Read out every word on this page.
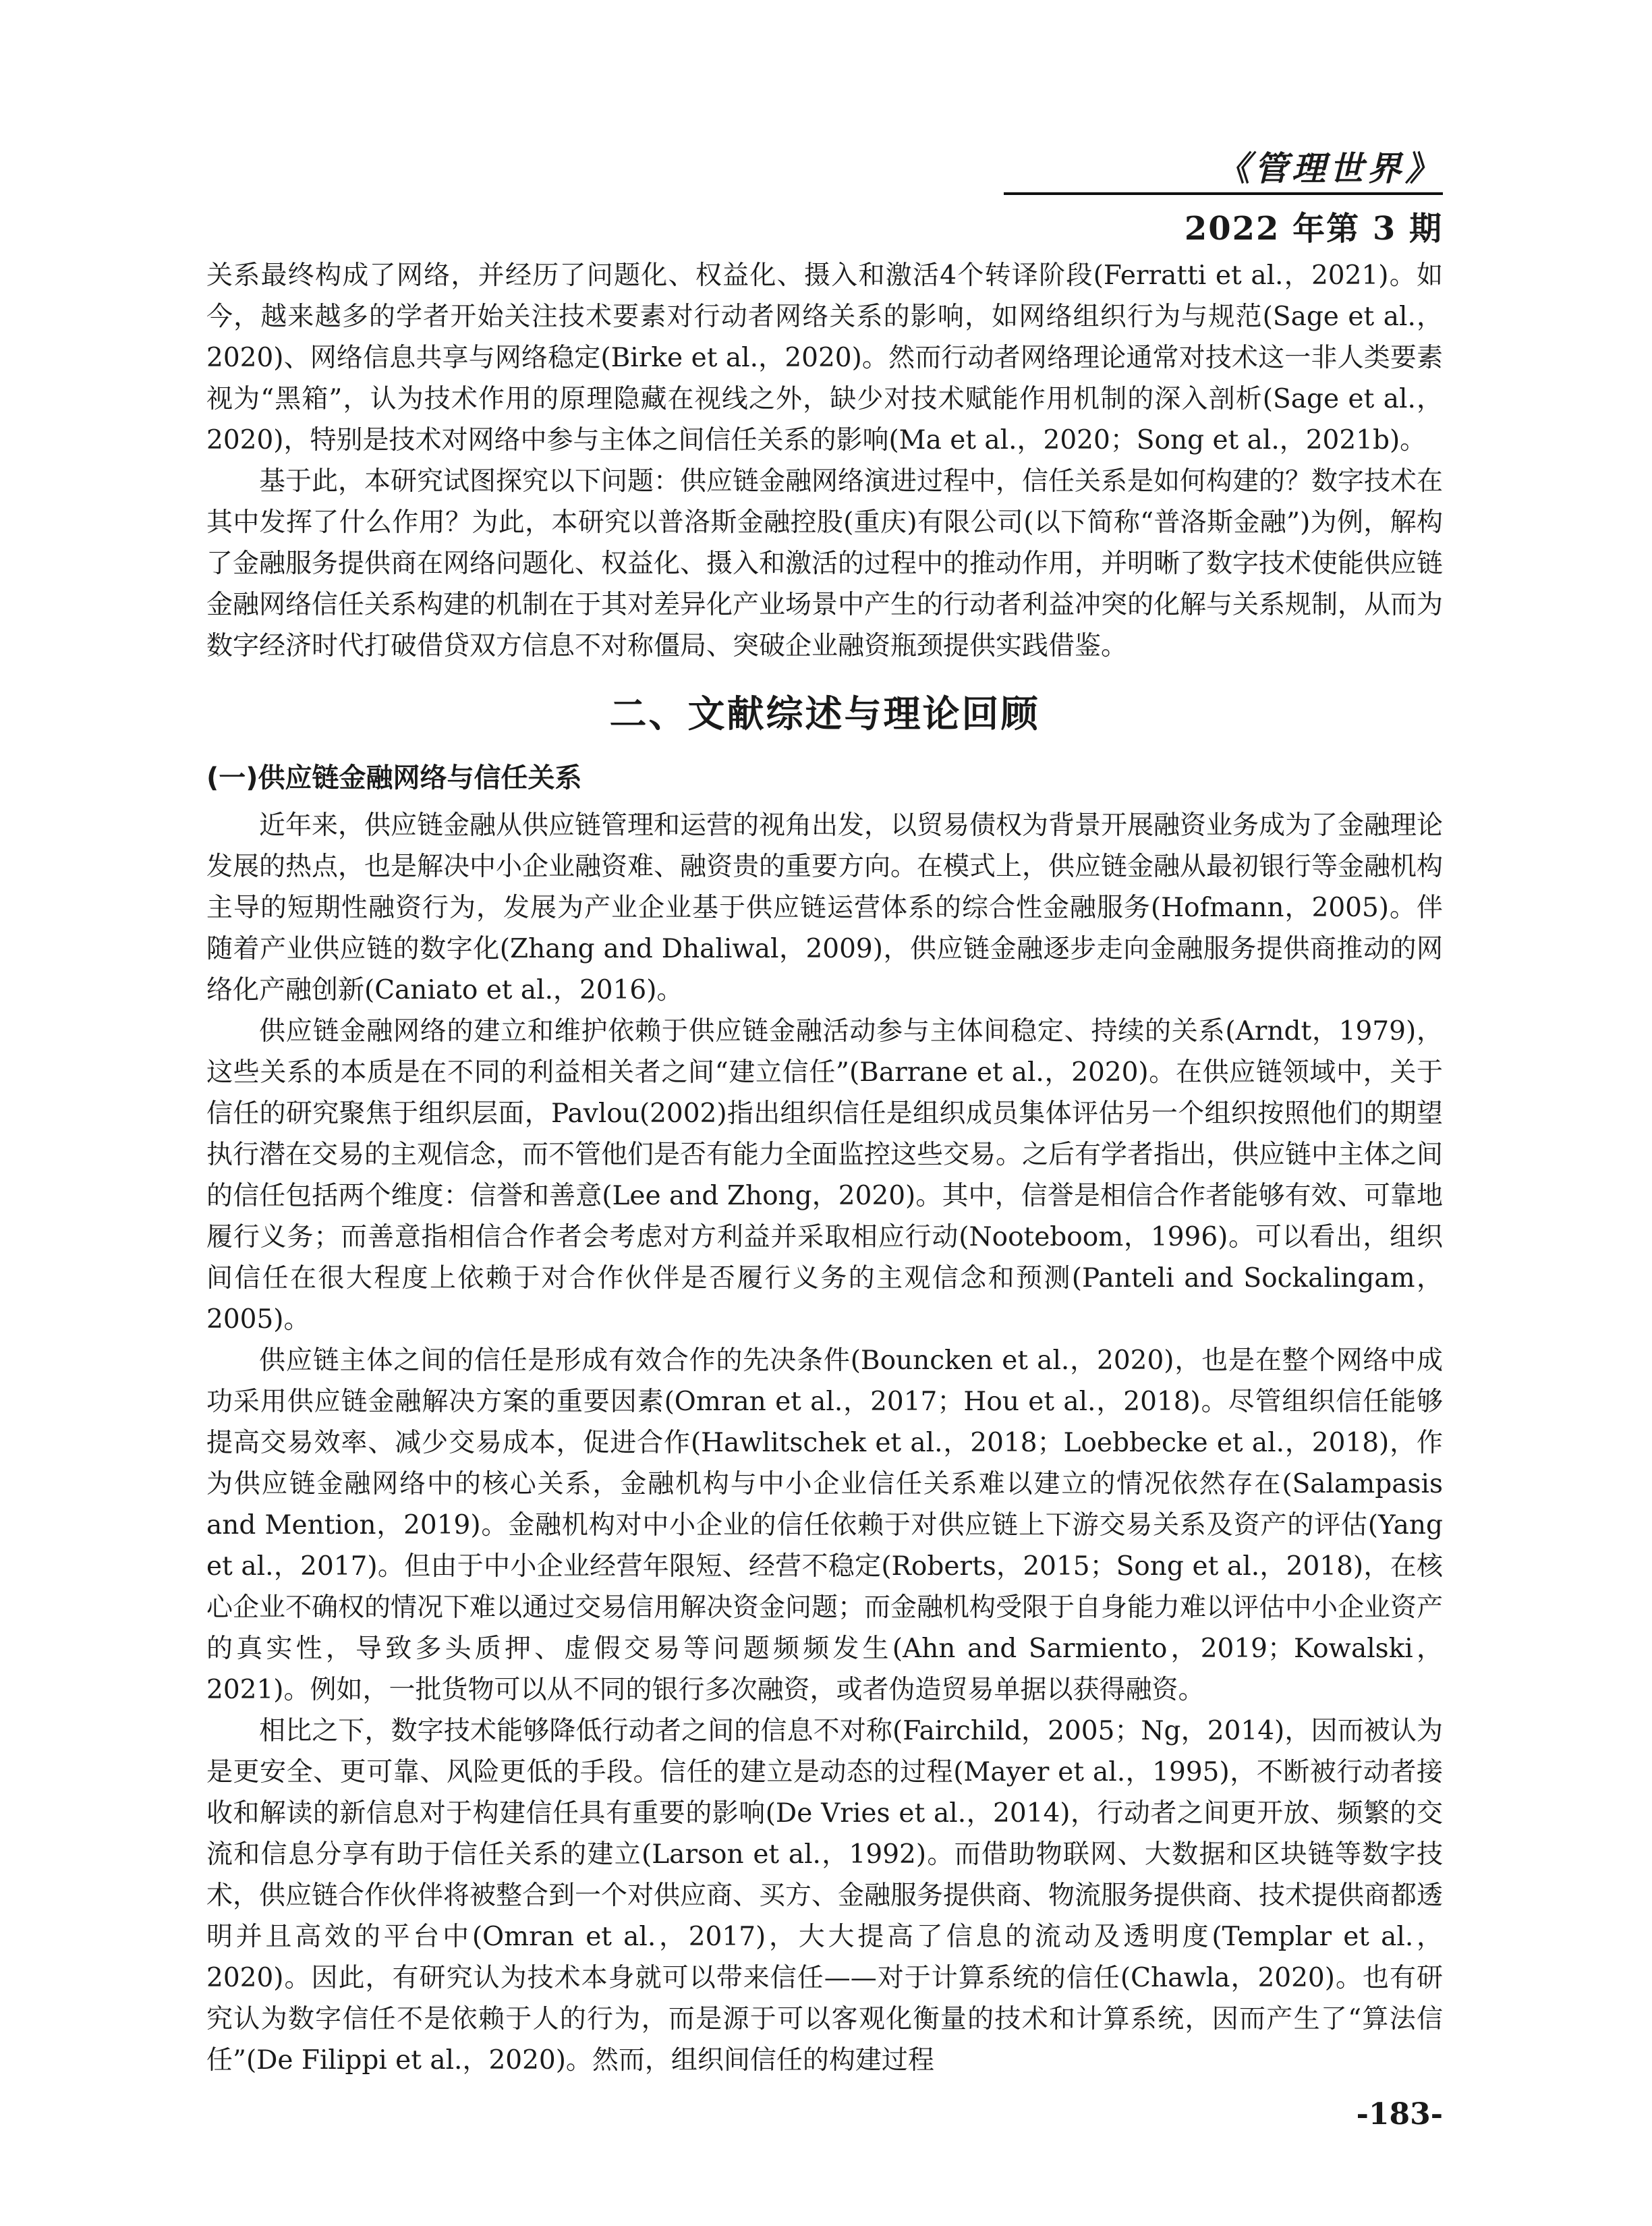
《管理世界》
2022 年第 3 期

关系最终构成了网络，并经历了问题化、权益化、摄入和激活4个转译阶段(Ferratti et al.，2021)。如今，越来越多的学者开始关注技术要素对行动者网络关系的影响，如网络组织行为与规范(Sage et al.，2020)、网络信息共享与网络稳定(Birke et al.，2020)。然而行动者网络理论通常对技术这一非人类要素视为“黑箱”，认为技术作用的原理隐藏在视线之外，缺少对技术赋能作用机制的深入剖析(Sage et al.，2020)，特别是技术对网络中参与主体之间信任关系的影响(Ma et al.，2020；Song et al.，2021b)。

基于此，本研究试图探究以下问题：供应链金融网络演进过程中，信任关系是如何构建的？数字技术在其中发挥了什么作用？为此，本研究以普洛斯金融控股(重庆)有限公司(以下简称“普洛斯金融”)为例，解构了金融服务提供商在网络问题化、权益化、摄入和激活的过程中的推动作用，并明晰了数字技术使能供应链金融网络信任关系构建的机制在于其对差异化产业场景中产生的行动者利益冲突的化解与关系规制，从而为数字经济时代打破借贷双方信息不对称僵局、突破企业融资瓶颈提供实践借鉴。

二、文献综述与理论回顾
(一)供应链金融网络与信任关系

近年来，供应链金融从供应链管理和运营的视角出发，以贸易债权为背景开展融资业务成为了金融理论发展的热点，也是解决中小企业融资难、融资贵的重要方向。在模式上，供应链金融从最初银行等金融机构主导的短期性融资行为，发展为产业企业基于供应链运营体系的综合性金融服务(Hofmann，2005)。伴随着产业供应链的数字化(Zhang and Dhaliwal，2009)，供应链金融逐步走向金融服务提供商推动的网络化产融创新(Caniato et al.，2016)。

供应链金融网络的建立和维护依赖于供应链金融活动参与主体间稳定、持续的关系(Arndt，1979)，这些关系的本质是在不同的利益相关者之间“建立信任”(Barrane et al.，2020)。在供应链领域中，关于信任的研究聚焦于组织层面，Pavlou(2002)指出组织信任是组织成员集体评估另一个组织按照他们的期望执行潜在交易的主观信念，而不管他们是否有能力全面监控这些交易。之后有学者指出，供应链中主体之间的信任包括两个维度：信誉和善意(Lee and Zhong，2020)。其中，信誉是相信合作者能够有效、可靠地履行义务；而善意指相信合作者会考虑对方利益并采取相应行动(Nooteboom，1996)。可以看出，组织间信任在很大程度上依赖于对合作伙伴是否履行义务的主观信念和预测(Panteli and Sockalingam，2005)。

供应链主体之间的信任是形成有效合作的先决条件(Bouncken et al.，2020)，也是在整个网络中成功采用供应链金融解决方案的重要因素(Omran et al.，2017；Hou et al.，2018)。尽管组织信任能够提高交易效率、减少交易成本，促进合作(Hawlitschek et al.，2018；Loebbecke et al.，2018)，作为供应链金融网络中的核心关系，金融机构与中小企业信任关系难以建立的情况依然存在(Salampasis and Mention，2019)。金融机构对中小企业的信任依赖于对供应链上下游交易关系及资产的评估(Yang et al.，2017)。但由于中小企业经营年限短、经营不稳定(Roberts，2015；Song et al.，2018)，在核心企业不确权的情况下难以通过交易信用解决资金问题；而金融机构受限于自身能力难以评估中小企业资产的真实性，导致多头质押、虚假交易等问题频频发生(Ahn and Sarmiento，2019；Kowalski，2021)。例如，一批货物可以从不同的银行多次融资，或者伪造贸易单据以获得融资。

相比之下，数字技术能够降低行动者之间的信息不对称(Fairchild，2005；Ng，2014)，因而被认为是更安全、更可靠、风险更低的手段。信任的建立是动态的过程(Mayer et al.，1995)，不断被行动者接收和解读的新信息对于构建信任具有重要的影响(De Vries et al.，2014)，行动者之间更开放、频繁的交流和信息分享有助于信任关系的建立(Larson et al.，1992)。而借助物联网、大数据和区块链等数字技术，供应链合作伙伴将被整合到一个对供应商、买方、金融服务提供商、物流服务提供商、技术提供商都透明并且高效的平台中(Omran et al.，2017)，大大提高了信息的流动及透明度(Templar et al.，2020)。因此，有研究认为技术本身就可以带来信任——对于计算系统的信任(Chawla，2020)。也有研究认为数字信任不是依赖于人的行为，而是源于可以客观化衡量的技术和计算系统，因而产生了“算法信任”(De Filippi et al.，2020)。然而，组织间信任的构建过程

-183-
